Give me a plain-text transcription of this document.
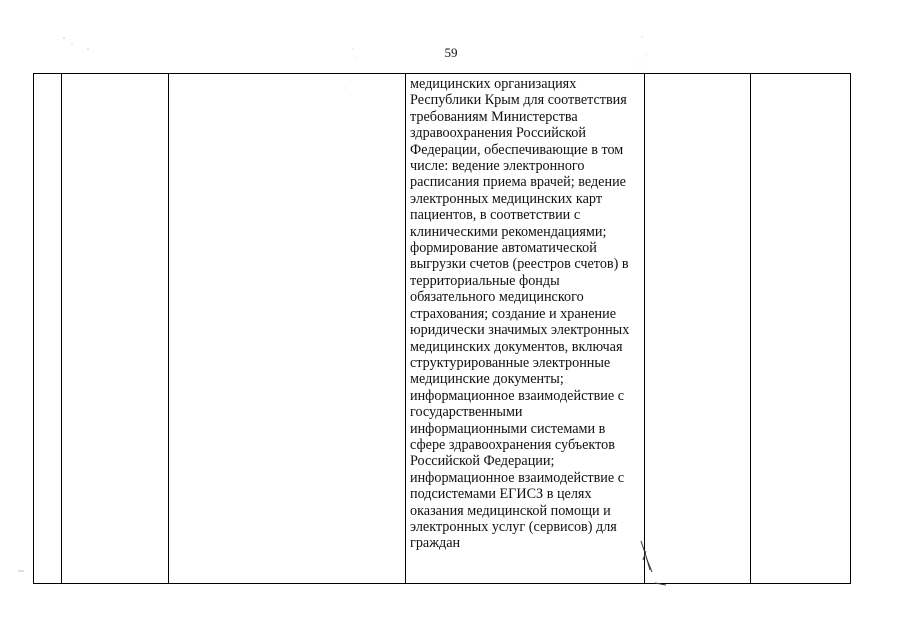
59

медицинских организациях
Республики Крым для соответствия
требованиям Министерства
здравоохранения Российской
Федерации, обеспечивающие в том
числе: ведение электронного
расписания приема врачей; ведение
электронных медицинских карт
пациентов, в соответствии с
клиническими рекомендациями;
формирование автоматической
выгрузки счетов (реестров счетов) в
территориальные фонды
обязательного медицинского
страхования; создание и хранение
юридически значимых электронных
медицинских документов, включая
структурированные электронные
медицинские документы;
информационное взаимодействие с
государственными
информационными системами в
сфере здравоохранения субъектов
Российской Федерации;
информационное взаимодействие с
подсистемами ЕГИСЗ в целях
оказания медицинской помощи и
электронных услуг (сервисов) для
граждан
